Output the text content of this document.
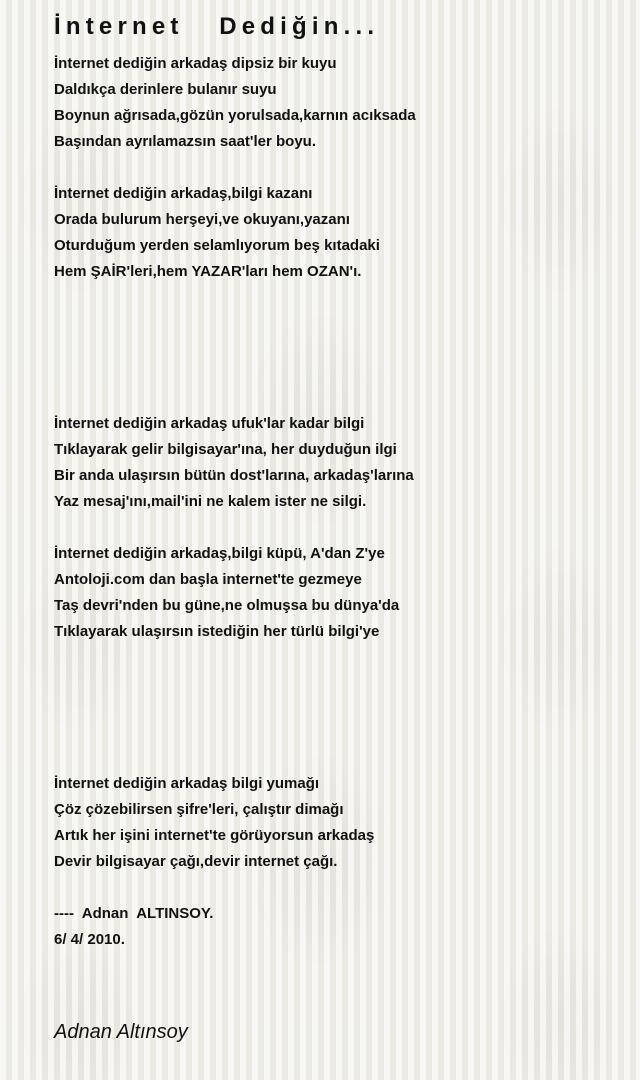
İnternet   Dediğin...
İnternet dediğin arkadaş dipsiz bir kuyu
Daldıkça derinlere bulanır suyu
Boynun ağrısada,gözün yorulsada,karnın acıksada
Başından ayrılamazsın saat'ler boyu.
İnternet dediğin arkadaş,bilgi kazanı
Orada bulurum herşeyi,ve okuyanı,yazanı
Oturduğum yerden selamlıyorum beş kıtadaki
Hem ŞAİR'leri,hem YAZAR'ları hem OZAN'ı.
İnternet dediğin arkadaş ufuk'lar kadar bilgi
Tıklayarak gelir bilgisayar'ına, her duyduğun ilgi
Bir anda ulaşırsın bütün dost'larına, arkadaş'larına
Yaz mesaj'ını,mail'ini ne kalem ister ne silgi.
İnternet dediğin arkadaş,bilgi küpü, A'dan Z'ye
Antoloji.com dan başla internet'te gezmeye
Taş devri'nden bu güne,ne olmuşsa bu dünya'da
Tıklayarak ulaşırsın istediğin her türlü bilgi'ye
İnternet dediğin arkadaş bilgi yumağı
Çöz çözebilirsen şifre'leri, çalıştır dimağı
Artık her işini internet'te görüyorsun arkadaş
Devir bilgisayar çağı,devir internet çağı.
----  Adnan  ALTINSOY.
6/ 4/ 2010.

Adnan Altınsoy
